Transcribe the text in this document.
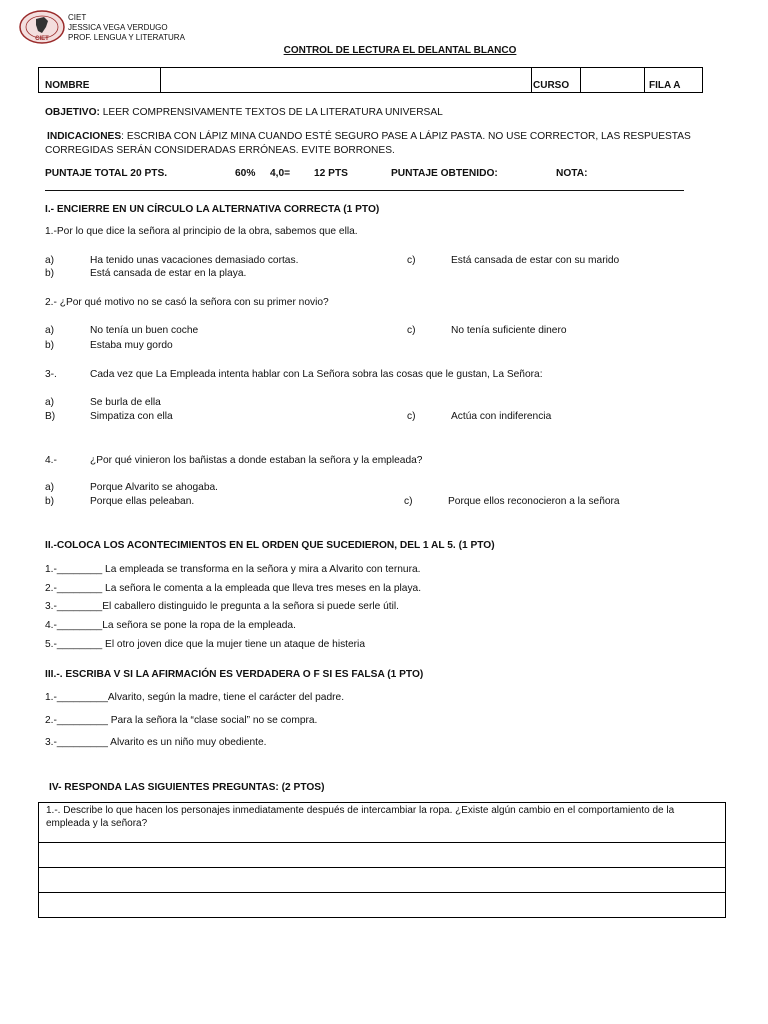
CIET
CIET
JESSICA VEGA VERDUGO
PROF. LENGUA Y LITERATURA
CONTROL DE LECTURA EL DELANTAL BLANCO
NOMBRE	CURSO	FILA A
OBJETIVO: LEER COMPRENSIVAMENTE TEXTOS DE LA LITERATURA UNIVERSAL
INDICACIONES: ESCRIBA CON LÁPIZ MINA CUANDO ESTÉ SEGURO PASE A LÁPIZ PASTA. NO USE CORRECTOR, LAS RESPUESTAS
CORREGIDAS SERÁN CONSIDERADAS ERRÓNEAS. EVITE BORRONES.
PUNTAJE TOTAL 20 PTS.	60% 4,0= 12 PTS	PUNTAJE OBTENIDO:	NOTA:
I.- ENCIERRE EN UN CÍRCULO LA ALTERNATIVA CORRECTA (1 PTO)
1.-Por lo que dice la señora al principio de la obra, sabemos que ella.
a)	Ha tenido unas vacaciones demasiado cortas.	c)	Está cansada de estar con su marido
b)	Está cansada de estar en la playa.
2.- ¿Por qué motivo no se casó la señora con su primer novio?
a)	No tenía un buen coche	c)	No tenía suficiente dinero
b)	Estaba muy gordo
3-.	Cada vez que La Empleada intenta hablar con La Señora sobra las cosas que le gustan, La Señora:
a)	Se burla de ella
B)	Simpatiza con ella	c)	Actúa con indiferencia
4.-	¿Por qué vinieron los bañistas a donde estaban la señora y la empleada?
a)	Porque Alvarito se ahogaba.
b)	Porque ellas peleaban.	c)	Porque ellos reconocieron a la señora
II.-COLOCA LOS ACONTECIMIENTOS EN EL ORDEN QUE SUCEDIERON, DEL 1 AL 5. (1 PTO)
1.-________ La empleada se transforma en la señora y mira a Alvarito con ternura.
2.-________ La señora le comenta a la empleada que lleva tres meses en la playa.
3.-________El caballero distinguido le pregunta a la señora si puede serle útil.
4.-________La señora se pone la ropa de la empleada.
5.-________ El otro joven dice que la mujer tiene un ataque de histeria
III.-. ESCRIBA V SI LA AFIRMACIÓN ES VERDADERA O F SI ES FALSA (1 PTO)
1.-_________Alvarito, según la madre, tiene el carácter del padre.
2.-_________ Para la señora la “clase social” no se compra.
3.-_________ Alvarito es un niño muy obediente.
IV- RESPONDA LAS SIGUIENTES PREGUNTAS: (2 PTOS)
1.-. Describe lo que hacen los personajes inmediatamente después de intercambiar la ropa. ¿Existe algún cambio en el comportamiento de la empleada y la señora?
